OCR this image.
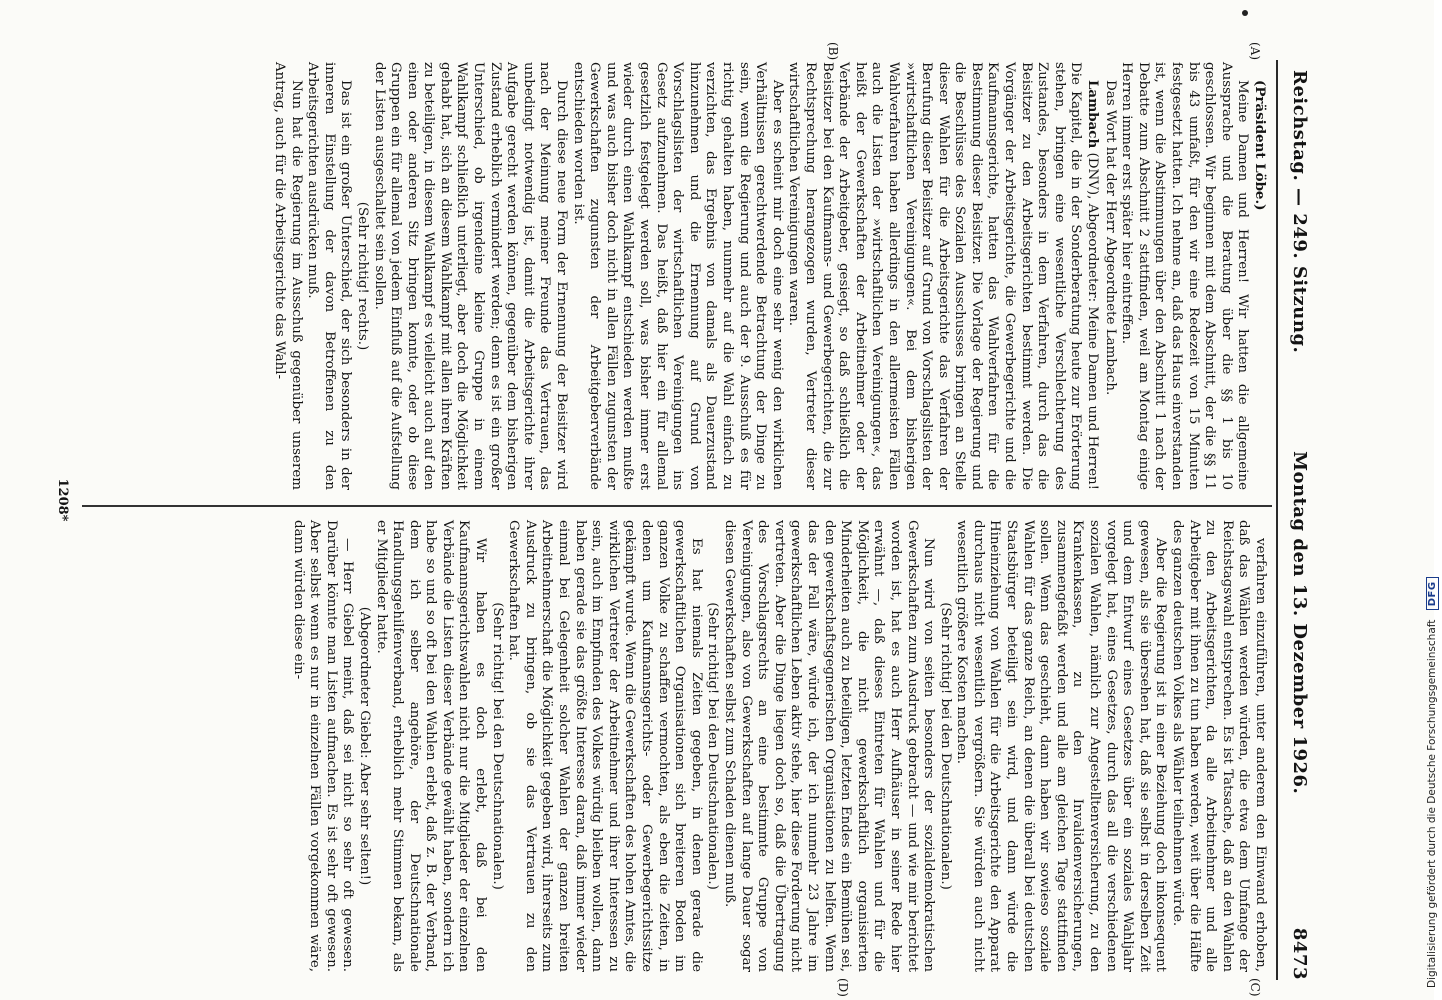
Reichstag. — 249. Sitzung.
Montag den 13. Dezember 1926.  8473
(A)
(B)
(C)
(D)

(Präsident Löbe.)

Meine Damen und Herren! Wir hatten die allgemeine Aussprache und die Beratung über die §§ 1 bis 10 geschlossen. Wir beginnen mit dem Abschnitt, der die §§ 11 bis 43 umfaßt, für den wir eine Redezeit von 15 Minuten festgesetzt hatten. Ich nehme an, daß das Haus einverstanden ist, wenn die Abstimmungen über den Abschnitt 1 nach der Debatte zum Abschnitt 2 stattfinden, weil am Montag einige Herren immer erst später hier eintreffen.

Das Wort hat der Herr Abgeordnete Lambach.

Lambach (DNV), Abgeordneter: Meine Damen und Herren! Die Kapitel, die in der Sonderberatung heute zur Erörterung stehen, bringen eine wesentliche Verschlechterung des Zustandes, besonders in dem Verfahren, durch das die Beisitzer zu den Arbeitsgerichten bestimmt werden. Die Vorgänger der Arbeitsgerichte, die Gewerbegerichte und die Kaufmannsgerichte, hatten das Wahlverfahren für die Bestimmung dieser Beisitzer. Die Vorlage der Regierung und die Beschlüsse des Sozialen Ausschusses bringen an Stelle dieser Wahlen für die Arbeitsgerichte das Verfahren der Berufung dieser Beisitzer auf Grund von Vorschlagslisten der »wirtschaftlichen Vereinigungen«. Bei dem bisherigen Wahlverfahren haben allerdings in den allermeisten Fällen auch die Listen der »wirtschaftlichen Vereinigungen«, das heißt der Gewerkschaften der Arbeitnehmer oder der Verbände der Arbeitgeber, gesiegt, so daß schließlich die Beisitzer bei den Kaufmanns- und Gewerbegerichten, die zur Rechtsprechung herangezogen wurden, Vertreter dieser wirtschaftlichen Vereinigungen waren.

Aber es scheint mir doch eine sehr wenig den wirklichen Verhältnissen gerechtwerdende Betrachtung der Dinge zu sein, wenn die Regierung und auch der 9. Ausschuß es für richtig gehalten haben, nunmehr auf die Wahl einfach zu verzichten, das Ergebnis von damals als Dauerzustand hinzunehmen und die Ernennung auf Grund von Vorschlagslisten der wirtschaftlichen Vereinigungen ins Gesetz aufzunehmen. Das heißt, daß hier ein für allemal gesetzlich festgelegt werden soll, was bisher immer erst wieder durch einen Wahlkampf entschieden werden mußte und was auch bisher doch nicht in allen Fällen zugunsten der Gewerkschaften zugunsten der Arbeitgeberverbände entschieden worden ist.

Durch diese neue Form der Ernennung der Beisitzer wird nach der Meinung meiner Freunde das Vertrauen, das unbedingt notwendig ist, damit die Arbeitsgerichte ihrer Aufgabe gerecht werden können, gegenüber dem bisherigen Zustand erheblich vermindert werden; denn es ist ein großer Unterschied, ob irgendeine kleine Gruppe in einem Wahlkampf schließlich unterliegt, aber doch die Möglichkeit gehabt hat, sich an diesem Wahlkampf mit allen ihren Kräften zu beteiligen, in diesem Wahlkampf es vielleicht auch auf den einen oder anderen Sitz bringen konnte, oder ob diese Gruppen ein für allemal von jedem Einfluß auf die Aufstellung der Listen ausgeschaltet sein sollen.

(Sehr richtig! rechts.)

Das ist ein großer Unterschied, der sich besonders in der inneren Einstellung der davon Betroffenen zu den Arbeitsgerichten ausdrücken muß.

Nun hat die Regierung im Ausschuß gegenüber unserem Antrag, auch für die Arbeitsgerichte das Wahl-

verfahren einzuführen, unter anderem den Einwand erhoben, daß das Wählen werden würden, die etwa dem Umfange der Reichstagswahl entsprechen. Es ist Tatsache, daß an den Wahlen zu den Arbeitsgerichten, da alle Arbeitnehmer und alle Arbeitgeber mit ihnen zu tun haben werden, weit über die Hälfte des ganzen deutschen Volkes als Wähler teilnehmen würde.

Aber die Regierung ist in einer Beziehung doch inkonsequent gewesen, als sie übersehen hat, daß sie selbst in derselben Zeit und dem Entwurf eines Gesetzes über ein soziales Wahljahr vorgelegt hat, eines Gesetzes, durch das all die verschiedenen sozialen Wahlen, nämlich zur Angestelltenversicherung, zu den Krankenkassen, zu den Invalidenversicherungen, zusammengefaßt werden und alle am gleichen Tage stattfinden sollen. Wenn das geschieht, dann haben wir sowieso soziale Wahlen für das ganze Reich, an denen die überall bei deutschen Staatsbürger beteiligt sein wird, und dann würde die Hineinziehung von Wahlen für die Arbeitsgerichte den Apparat durchaus nicht wesentlich vergrößern. Sie würden auch nicht wesentlich größere Kosten machen.

(Sehr richtig! bei den Deutschnationalen.)

Nun wird von seiten besonders der sozialdemokratischen Gewerkschaften zum Ausdruck gebracht — und wie mir berichtet worden ist, hat es auch Herr Aufhäuser in seiner Rede hier erwähnt —, daß dieses Eintreten für Wahlen und für die Möglichkeit, die nicht gewerkschaftlich organisierten Minderheiten auch zu beteiligen, letzten Endes ein Bemühen sei, den gewerkschaftsgegnerischen Organisationen zu helfen. Wenn das der Fall wäre, würde ich, der ich nunmehr 23 Jahre im gewerkschaftlichen Leben aktiv stehe, hier diese Forderung nicht vertreten. Aber die Dinge liegen doch so, daß die Übertragung des Vorschlagsrechts an eine bestimmte Gruppe von Vereinigungen, also von Gewerkschaften auf lange Dauer sogar diesen Gewerkschaften selbst zum Schaden dienen muß.

(Sehr richtig! bei den Deutschnationalen.)

Es hat niemals Zeiten gegeben, in denen gerade die gewerkschaftlichen Organisationen sich breiteren Boden im ganzen Volke zu schaffen vermochten, als eben die Zeiten, in denen um Kaufmannsgerichts- oder Gewerbegerichtssitze gekämpft wurde. Wenn die Gewerkschaften des hohen Amtes, die wirklichen Vertreter der Arbeitnehmer und ihrer Interessen zu sein, auch im Empfinden des Volkes würdig bleiben wollen, dann haben gerade sie das größte Interesse daran, daß immer wieder einmal bei Gelegenheit solcher Wahlen der ganzen breiten Arbeitnehmerschaft die Möglichkeit gegeben wird, ihrerseits zum Ausdruck zu bringen, ob sie das Vertrauen zu den Gewerkschaften hat.

(Sehr richtig! bei den Deutschnationalen.)

Wir haben es doch erlebt, daß bei den Kaufmannsgerichtswahlen nicht nur die Mitglieder der einzelnen Verbände die Listen dieser Verbände gewählt haben, sondern ich habe so und so oft bei den Wahlen erlebt, daß z. B. der Verband, dem ich selber angehöre, der Deutschnationale Handlungsgehilfenverband, erheblich mehr Stimmen bekam, als er Mitglieder hatte.

(Abgeordneter Giebel: Aber sehr selten!)

— Herr Giebel meint, daß sei nicht so sehr oft gewesen. Darüber könnte man Listen aufmachen. Es ist sehr oft gewesen. Aber selbst wenn es nur in einzelnen Fällen vorgekommen wäre, dann würden diese ein-

1208*
Digitalisierung gefördert durch die Deutsche Forschungsgemeinschaft DFG
